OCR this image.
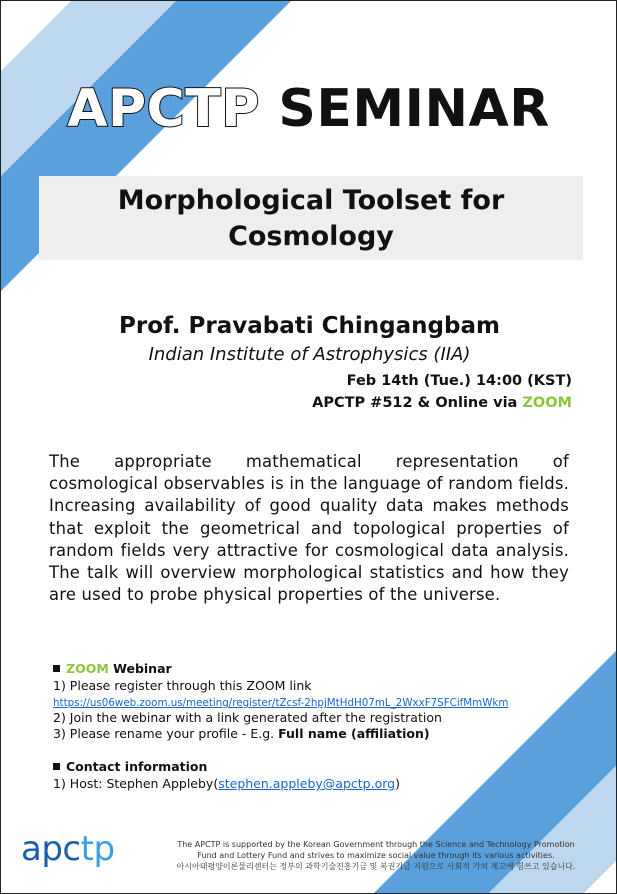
APCTP SEMINAR
Morphological Toolset for
Cosmology
Prof. Pravabati Chingangbam
Indian Institute of Astrophysics (IIA)
Feb 14th (Tue.) 14:00 (KST)
APCTP #512 & Online via ZOOM

The appropriate mathematical representation of cosmological observables is in the language of random fields. Increasing availability of good quality data makes methods that exploit the geometrical and topological properties of random fields very attractive for cosmological data analysis. The talk will overview morphological statistics and how they are used to probe physical properties of the universe.

ZOOM Webinar
1) Please register through this ZOOM link
https://us06web.zoom.us/meeting/register/tZcsf-2hpjMtHdH07mL_2WxxF7SFCifMmWkm
2) Join the webinar with a link generated after the registration
3) Please rename your profile - E.g. Full name (affiliation)
Contact information
1) Host: Stephen Appleby(stephen.appleby@apctp.org)
apctp	The APCTP is supported by the Korean Government through the Science and Technology Promotion
Fund and Lottery Fund and strives to maximize social value through its various activities.
아시아태평양이론물리센터는 정부의 과학기술진흥기금 및 복권기금 지원으로 사회적 가치 제고에 힘쓰고 있습니다.
